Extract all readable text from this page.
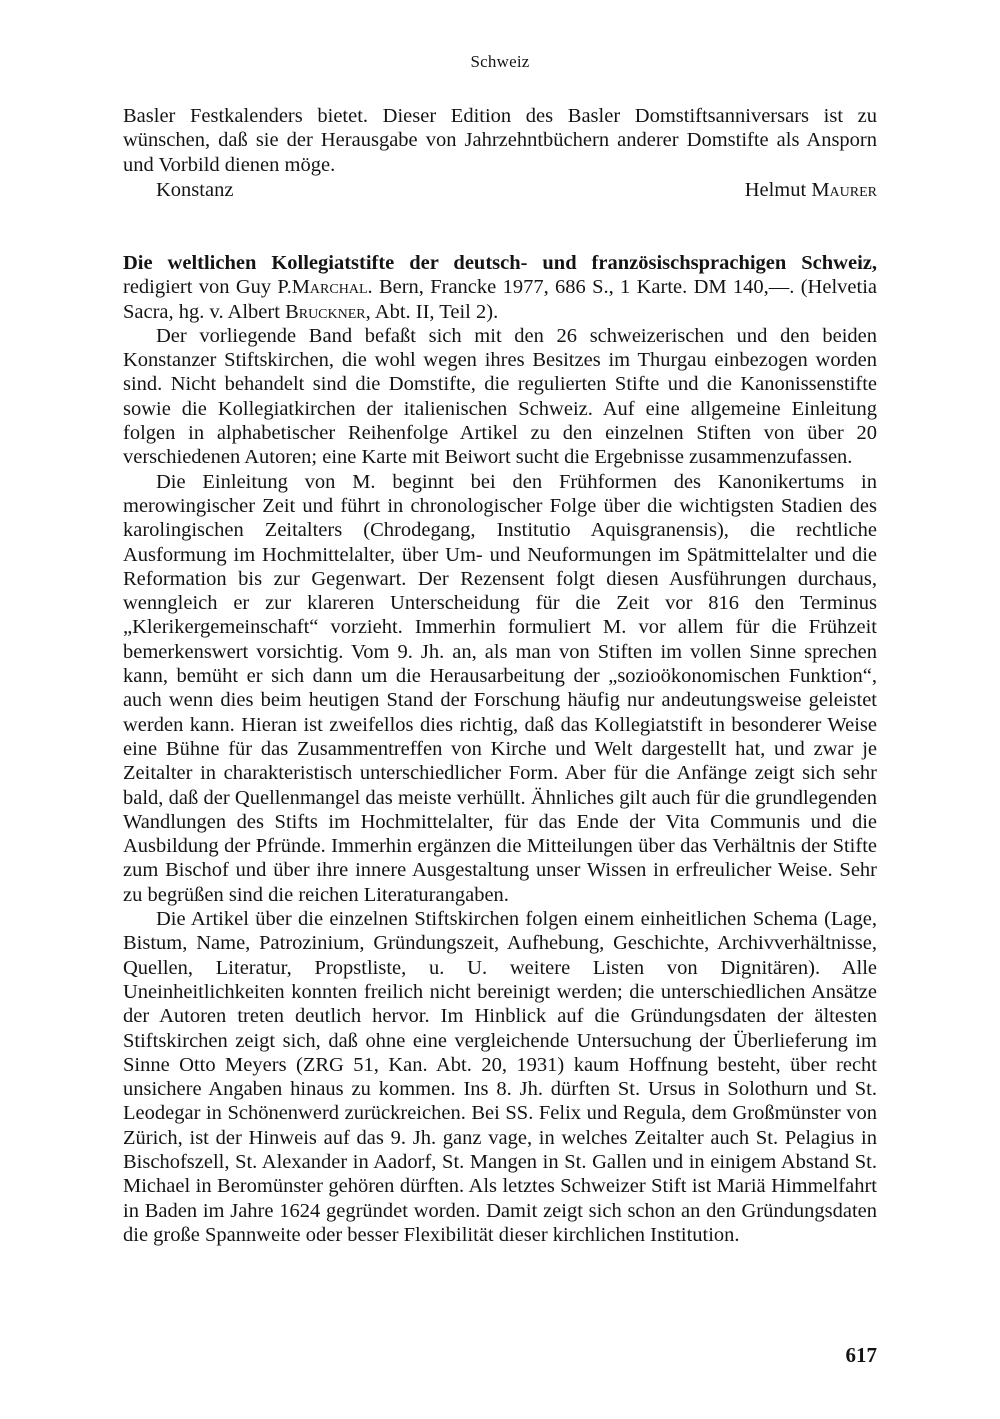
Schweiz

Basler Festkalenders bietet. Dieser Edition des Basler Domstiftsanniversars ist zu wünschen, daß sie der Herausgabe von Jahrzehntbüchern anderer Domstifte als Ansporn und Vorbild dienen möge.

Konstanz	Helmut Maurer

Die weltlichen Kollegiatstifte der deutsch- und französischsprachigen Schweiz, redigiert von Guy P.Marchal. Bern, Francke 1977, 686 S., 1 Karte. DM 140,—. (Helvetia Sacra, hg. v. Albert Bruckner, Abt. II, Teil 2).

Der vorliegende Band befaßt sich mit den 26 schweizerischen und den beiden Konstanzer Stiftskirchen, die wohl wegen ihres Besitzes im Thurgau einbezogen worden sind. Nicht behandelt sind die Domstifte, die regulierten Stifte und die Kanonissenstifte sowie die Kollegiatkirchen der italienischen Schweiz. Auf eine allgemeine Einleitung folgen in alphabetischer Reihenfolge Artikel zu den einzelnen Stiften von über 20 verschiedenen Autoren; eine Karte mit Beiwort sucht die Ergebnisse zusammenzufassen.

Die Einleitung von M. beginnt bei den Frühformen des Kanonikertums in merowingischer Zeit und führt in chronologischer Folge über die wichtigsten Stadien des karolingischen Zeitalters (Chrodegang, Institutio Aquisgranensis), die rechtliche Ausformung im Hochmittelalter, über Um- und Neuformungen im Spätmittelalter und die Reformation bis zur Gegenwart. Der Rezensent folgt diesen Ausführungen durchaus, wenngleich er zur klareren Unterscheidung für die Zeit vor 816 den Terminus „Klerikergemeinschaft“ vorzieht. Immerhin formuliert M. vor allem für die Frühzeit bemerkenswert vorsichtig. Vom 9. Jh. an, als man von Stiften im vollen Sinne sprechen kann, bemüht er sich dann um die Herausarbeitung der „sozioökonomischen Funktion“, auch wenn dies beim heutigen Stand der Forschung häufig nur andeutungsweise geleistet werden kann. Hieran ist zweifellos dies richtig, daß das Kollegiatstift in besonderer Weise eine Bühne für das Zusammentreffen von Kirche und Welt dargestellt hat, und zwar je Zeitalter in charakteristisch unterschiedlicher Form. Aber für die Anfänge zeigt sich sehr bald, daß der Quellenmangel das meiste verhüllt. Ähnliches gilt auch für die grundlegenden Wandlungen des Stifts im Hochmittelalter, für das Ende der Vita Communis und die Ausbildung der Pfründe. Immerhin ergänzen die Mitteilungen über das Verhältnis der Stifte zum Bischof und über ihre innere Ausgestaltung unser Wissen in erfreulicher Weise. Sehr zu begrüßen sind die reichen Literaturangaben.

Die Artikel über die einzelnen Stiftskirchen folgen einem einheitlichen Schema (Lage, Bistum, Name, Patrozinium, Gründungszeit, Aufhebung, Geschichte, Archivverhältnisse, Quellen, Literatur, Propstliste, u. U. weitere Listen von Dignitären). Alle Uneinheitlichkeiten konnten freilich nicht bereinigt werden; die unterschiedlichen Ansätze der Autoren treten deutlich hervor. Im Hinblick auf die Gründungsdaten der ältesten Stiftskirchen zeigt sich, daß ohne eine vergleichende Untersuchung der Überlieferung im Sinne Otto Meyers (ZRG 51, Kan. Abt. 20, 1931) kaum Hoffnung besteht, über recht unsichere Angaben hinaus zu kommen. Ins 8. Jh. dürften St. Ursus in Solothurn und St. Leodegar in Schönenwerd zurückreichen. Bei SS. Felix und Regula, dem Großmünster von Zürich, ist der Hinweis auf das 9. Jh. ganz vage, in welches Zeitalter auch St. Pelagius in Bischofszell, St. Alexander in Aadorf, St. Mangen in St. Gallen und in einigem Abstand St. Michael in Beromünster gehören dürften. Als letztes Schweizer Stift ist Mariä Himmelfahrt in Baden im Jahre 1624 gegründet worden. Damit zeigt sich schon an den Gründungsdaten die große Spannweite oder besser Flexibilität dieser kirchlichen Institution.

617
